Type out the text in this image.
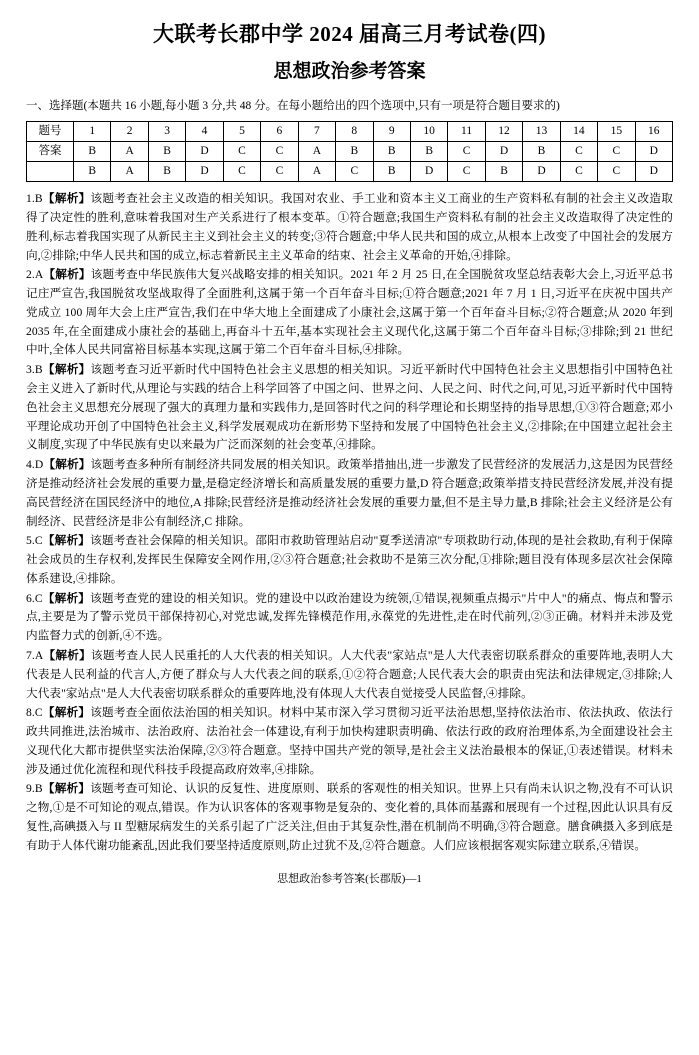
大联考长郡中学 2024 届高三月考试卷(四)
思想政治参考答案
一、选择题(本题共 16 小题,每小题 3 分,共 48 分。在每小题给出的四个选项中,只有一项是符合题目要求的)
题号	1	2	3	4	5	6	7	8	9	10	11	12	13	14	15	16
答案	B	A	B	D	C	C	A	B	B	B	C	D	B	C	C	D
	B	A	B	D	C	C	A	C	B	D	C	B	D	C	C	D

1.B【解析】该题考查社会主义改造的相关知识。我国对农业、手工业和资本主义工商业的生产资料私有制的社会主义改造取得了决定性的胜利,意味着我国对生产关系进行了根本变革。①符合题意;我国生产资料私有制的社会主义改造取得了决定性的胜利,标志着我国实现了从新民主主义到社会主义的转变;③符合题意;中华人民共和国的成立,从根本上改变了中国社会的发展方向,②排除;中华人民共和国的成立,标志着新民主主义革命的结束、社会主义革命的开始,④排除。

2.A【解析】该题考查中华民族伟大复兴战略安排的相关知识。2021 年 2 月 25 日,在全国脱贫攻坚总结表彰大会上,习近平总书记庄严宣告,我国脱贫攻坚战取得了全面胜利,这属于第一个百年奋斗目标;①符合题意;2021 年 7 月 1 日,习近平在庆祝中国共产党成立 100 周年大会上庄严宣告,我们在中华大地上全面建成了小康社会,这属于第一个百年奋斗目标;②符合题意;从 2020 年到 2035 年,在全面建成小康社会的基础上,再奋斗十五年,基本实现社会主义现代化,这属于第二个百年奋斗目标;③排除;到 21 世纪中叶,全体人民共同富裕目标基本实现,这属于第二个百年奋斗目标,④排除。

3.B【解析】该题考查习近平新时代中国特色社会主义思想的相关知识。习近平新时代中国特色社会主义思想指引中国特色社会主义进入了新时代,从理论与实践的结合上科学回答了中国之问、世界之问、人民之问、时代之问,可见,习近平新时代中国特色社会主义思想充分展现了强大的真理力量和实践伟力,是回答时代之问的科学理论和长期坚持的指导思想,①③符合题意;邓小平理论成功开创了中国特色社会主义,科学发展观成功在新形势下坚持和发展了中国特色社会主义,②排除;在中国建立起社会主义制度,实现了中华民族有史以来最为广泛而深刻的社会变革,④排除。

4.D【解析】该题考查多种所有制经济共同发展的相关知识。政策举措抽出,进一步激发了民营经济的发展活力,这是因为民营经济是推动经济社会发展的重要力量,是稳定经济增长和高质量发展的重要力量,D 符合题意;政策举措支持民营经济发展,并没有提高民营经济在国民经济中的地位,A 排除;民营经济是推动经济社会发展的重要力量,但不是主导力量,B 排除;社会主义经济是公有制经济、民营经济是非公有制经济,C 排除。

5.C【解析】该题考查社会保障的相关知识。邵阳市救助管理站启动"夏季送清凉"专项救助行动,体现的是社会救助,有利于保障社会成员的生存权利,发挥民生保障安全网作用,②③符合题意;社会救助不是第三次分配,①排除;题目没有体现多层次社会保障体系建设,④排除。

6.C【解析】该题考查党的建设的相关知识。党的建设中以政治建设为统领,①错误,视频重点揭示"片中人"的痛点、悔点和警示点,主要是为了警示党员干部保持初心,对党忠诚,发挥先锋模范作用,永葆党的先进性,走在时代前列,②③正确。材料并未涉及党内监督力式的创新,④不选。

7.A【解析】该题考查人民人民重托的人大代表的相关知识。人大代表"家站点"是人大代表密切联系群众的重要阵地,表明人大代表是人民利益的代言人,方便了群众与人大代表之间的联系,①②符合题意;人民代表大会的职责由宪法和法律规定,③排除;人大代表"家站点"是人大代表密切联系群众的重要阵地,没有体现人大代表自觉接受人民监督,④排除。

8.C【解析】该题考查全面依法治国的相关知识。材料中某市深入学习贯彻习近平法治思想,坚持依法治市、依法执政、依法行政共同推进,法治城市、法治政府、法治社会一体建设,有利于加快构建职责明确、依法行政的政府治理体系,为全面建设社会主义现代化大都市提供坚实法治保障,②③符合题意。坚持中国共产党的领导,是社会主义法治最根本的保证,①表述错误。材料未涉及通过优化流程和现代科技手段提高政府效率,④排除。

9.B【解析】该题考查可知论、认识的反复性、进度原则、联系的客观性的相关知识。世界上只有尚未认识之物,没有不可认识之物,①是不可知论的观点,错误。作为认识客体的客观事物是复杂的、变化着的,具体而基露和展现有一个过程,因此认识具有反复性,高碘摄入与 II 型糖尿病发生的关系引起了广泛关注,但由于其复杂性,潜在机制尚不明确,③符合题意。膳食碘摄入多到底是有助于人体代谢功能紊乱,因此我们要坚持适度原则,防止过犹不及,②符合题意。人们应该根据客观实际建立联系,④错误。

思想政治参考答案(长郡版)—1
